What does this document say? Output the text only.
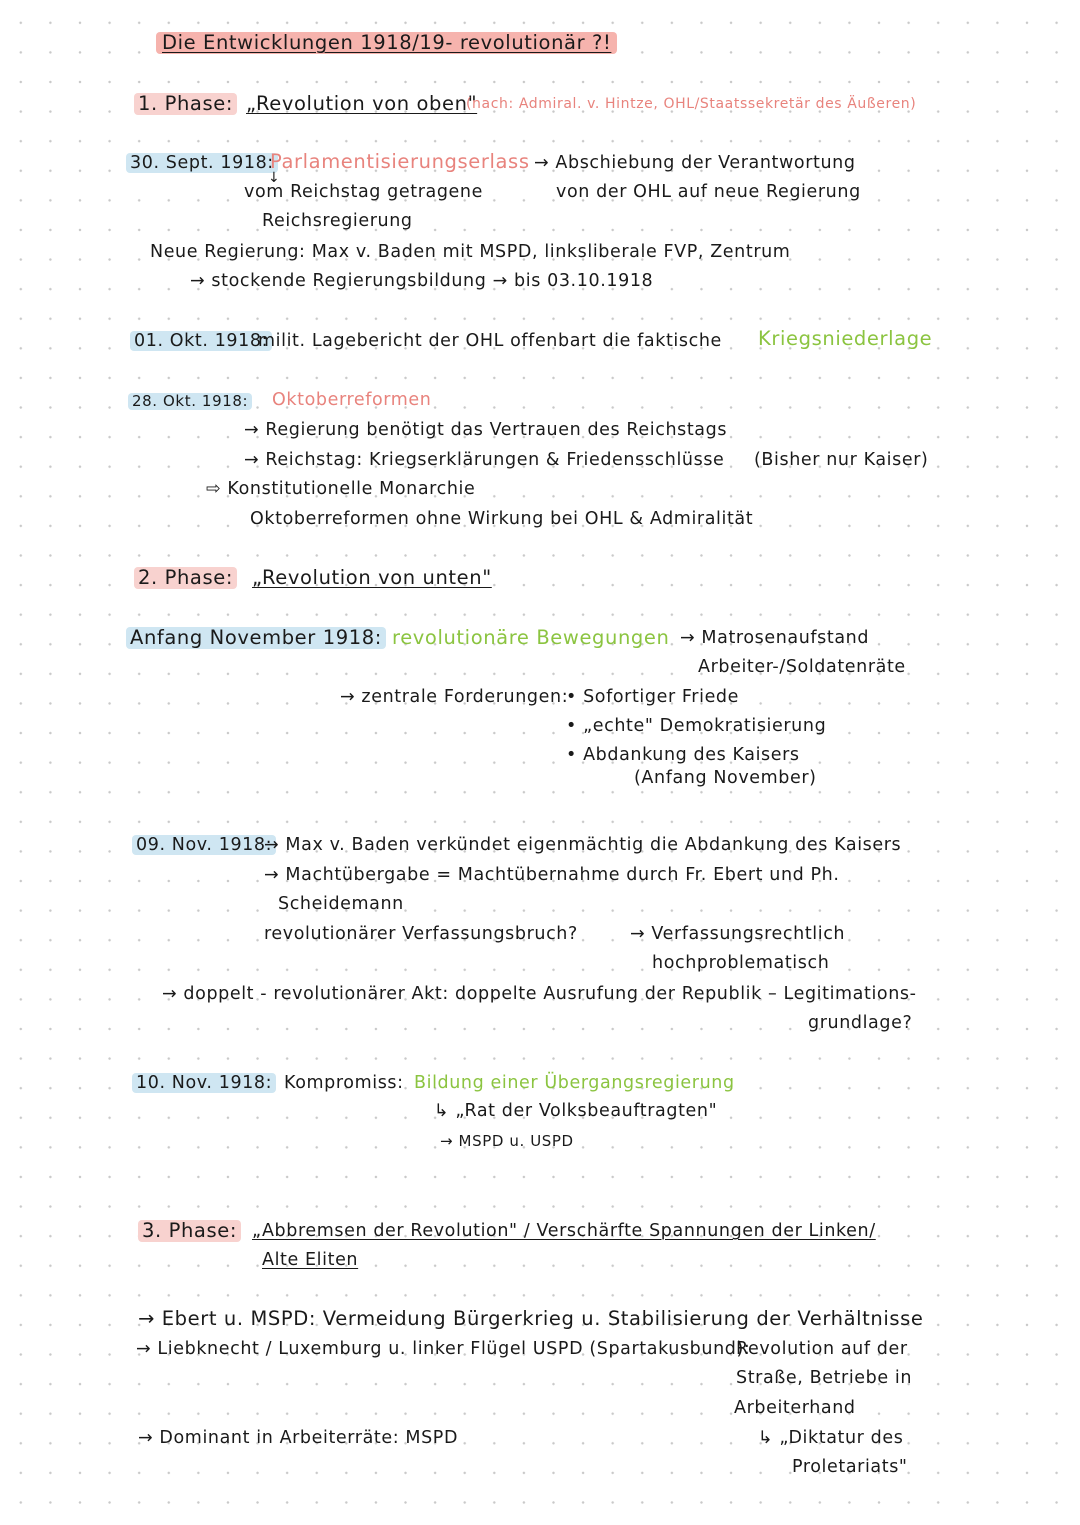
Die Entwicklungen 1918/19- revolutionär ?!
1. Phase: „Revolution von oben"
(nach: Admiral. v. Hintze, OHL/Staatssekretär des Äußeren)
30. Sept. 1918:
Parlamentisierungserlass
↓
vom Reichstag getragene
Reichsregierung
→ Abschiebung der Verantwortung
von der OHL auf neue Regierung
Neue Regierung: Max v. Baden mit MSPD, linksliberale FVP, Zentrum
→ stockende Regierungsbildung → bis 03.10.1918
01. Okt. 1918:
milit. Lagebericht der OHL offenbart die faktische Kriegsniederlage
28. Okt. 1918: Oktoberreformen
→ Regierung benötigt das Vertrauen des Reichstags
→ Reichstag: Kriegserklärungen & Friedensschlüsse (Bisher nur Kaiser)
⇨ Konstitutionelle Monarchie
Oktoberreformen ohne Wirkung bei OHL & Admiralität
2. Phase: „Revolution von unten"
Anfang November 1918: revolutionäre Bewegungen → Matrosenaufstand
Arbeiter-/Soldatenräte
→ zentrale Forderungen:
• Sofortiger Friede
• „echte" Demokratisierung
• Abdankung des Kaisers
(Anfang November)
09. Nov. 1918:
→ Max v. Baden verkündet eigenmächtig die Abdankung des Kaisers
→ Machtübergabe = Machtübernahme durch Fr. Ebert und Ph.
Scheidemann
revolutionärer Verfassungsbruch?	→ Verfassungsrechtlich
hochproblematisch
→ doppelt - revolutionärer Akt: doppelte Ausrufung der Republik – Legitimations-
grundlage?
10. Nov. 1918: Kompromiss: Bildung einer Übergangsregierung
↳ „Rat der Volksbeauftragten"
→ MSPD u. USPD
3. Phase: „Abbremsen der Revolution" / Verschärfte Spannungen der Linken/
Alte Eliten
→ Ebert u. MSPD: Vermeidung Bürgerkrieg u. Stabilisierung der Verhältnisse
→ Liebknecht / Luxemburg u. linker Flügel USPD (Spartakusbund):
Revolution auf der
Straße, Betriebe in
Arbeiterhand
↳ „Diktatur des
Proletariats"
→ Dominant in Arbeiterräte: MSPD
